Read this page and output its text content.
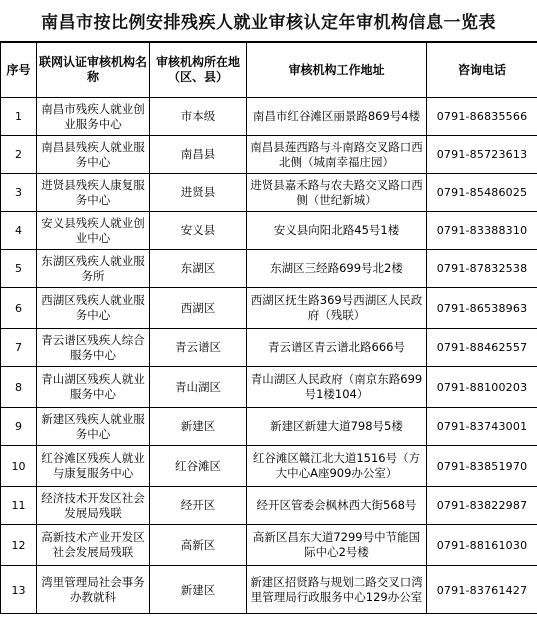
南昌市按比例安排残疾人就业审核认定年审机构信息一览表
序号	联网认证审核机构名称	审核机构所在地（区、县）	审核机构工作地址	咨询电话
1	南昌市残疾人就业创业服务中心	市本级	南昌市红谷滩区丽景路869号4楼	0791-86835566
2	南昌县残疾人就业服务中心	南昌县	南昌县莲西路与斗南路交叉路口西北侧（城南幸福庄园）	0791-85723613
3	进贤县残疾人康复服务中心	进贤县	进贤县嘉禾路与农夫路交叉路口西侧（世纪新城）	0791-85486025
4	安义县残疾人就业创业中心	安义县	安义县向阳北路45号1楼	0791-83388310
5	东湖区残疾人就业服务所	东湖区	东湖区三经路699号北2楼	0791-87832538
6	西湖区残疾人就业服务中心	西湖区	西湖区抚生路369号西湖区人民政府（残联）	0791-86538963
7	青云谱区残疾人综合服务中心	青云谱区	青云谱区青云谱北路666号	0791-88462557
8	青山湖区残疾人就业服务中心	青山湖区	青山湖区人民政府（南京东路699号1楼104）	0791-88100203
9	新建区残疾人就业服务中心	新建区	新建区新建大道798号5楼	0791-83743001
10	红谷滩区残疾人就业与康复服务中心	红谷滩区	红谷滩区赣江北大道1516号（方大中心A座909办公室）	0791-83851970
11	经济技术开发区社会发展局残联	经开区	经开区管委会枫林西大街568号	0791-83822987
12	高新技术产业开发区社会发展局残联	高新区	高新区昌东大道7299号中节能国际中心2号楼	0791-88161030
13	湾里管理局社会事务办教就科	新建区	新建区招贤路与规划二路交叉口湾里管理局行政服务中心129办公室	0791-83761427
